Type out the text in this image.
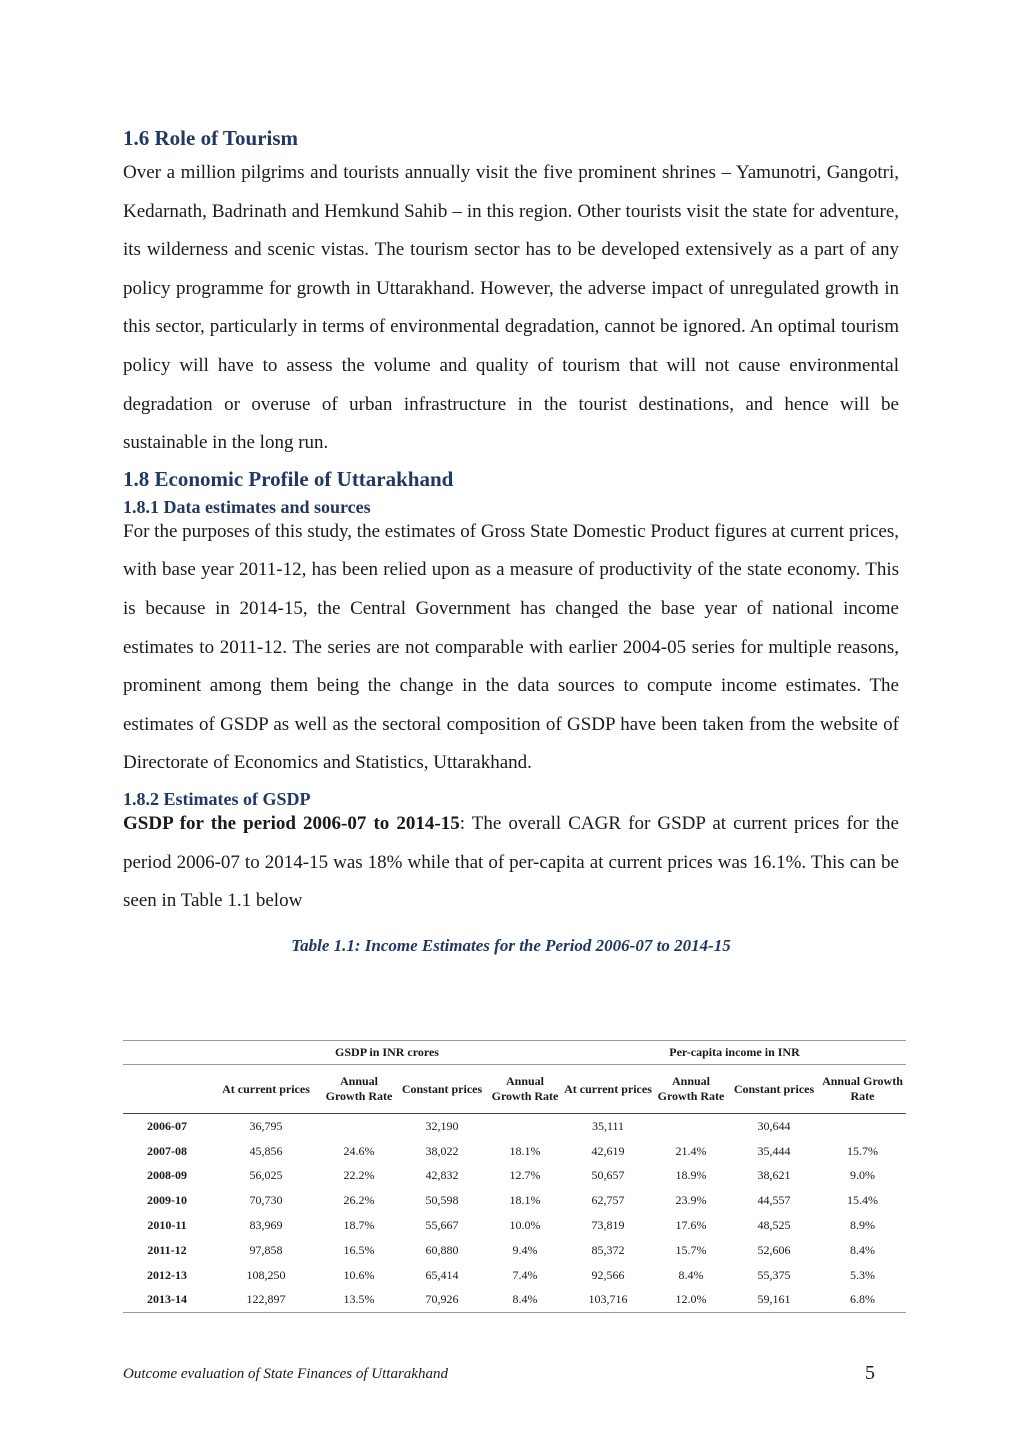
1.6 Role of Tourism

Over a million pilgrims and tourists annually visit the five prominent shrines – Yamunotri, Gangotri, Kedarnath, Badrinath and Hemkund Sahib – in this region. Other tourists visit the state for adventure, its wilderness and scenic vistas. The tourism sector has to be developed extensively as a part of any policy programme for growth in Uttarakhand. However, the adverse impact of unregulated growth in this sector, particularly in terms of environmental degradation, cannot be ignored. An optimal tourism policy will have to assess the volume and quality of tourism that will not cause environmental degradation or overuse of urban infrastructure in the tourist destinations, and hence will be sustainable in the long run.

1.8 Economic Profile of Uttarakhand
1.8.1 Data estimates and sources

For the purposes of this study, the estimates of Gross State Domestic Product figures at current prices, with base year 2011-12, has been relied upon as a measure of productivity of the state economy. This is because in 2014-15, the Central Government has changed the base year of national income estimates to 2011-12. The series are not comparable with earlier 2004-05 series for multiple reasons, prominent among them being the change in the data sources to compute income estimates. The estimates of GSDP as well as the sectoral composition of GSDP have been taken from the website of Directorate of Economics and Statistics, Uttarakhand.

1.8.2 Estimates of GSDP

GSDP for the period 2006-07 to 2014-15: The overall CAGR for GSDP at current prices for the period 2006-07 to 2014-15 was 18% while that of per-capita at current prices was 16.1%. This can be seen in Table 1.1 below

Table 1.1: Income Estimates for the Period 2006-07 to 2014-15
	GSDP in INR crores				Per-capita income in INR			
	At current prices	Annual Growth Rate	Constant prices	Annual Growth Rate	At current prices	Annual Growth Rate	Constant prices	Annual Growth Rate
2006-07	36,795		32,190		35,111		30,644	
2007-08	45,856	24.6%	38,022	18.1%	42,619	21.4%	35,444	15.7%
2008-09	56,025	22.2%	42,832	12.7%	50,657	18.9%	38,621	9.0%
2009-10	70,730	26.2%	50,598	18.1%	62,757	23.9%	44,557	15.4%
2010-11	83,969	18.7%	55,667	10.0%	73,819	17.6%	48,525	8.9%
2011-12	97,858	16.5%	60,880	9.4%	85,372	15.7%	52,606	8.4%
2012-13	108,250	10.6%	65,414	7.4%	92,566	8.4%	55,375	5.3%
2013-14	122,897	13.5%	70,926	8.4%	103,716	12.0%	59,161	6.8%
Outcome evaluation of State Finances of Uttarakhand	5
